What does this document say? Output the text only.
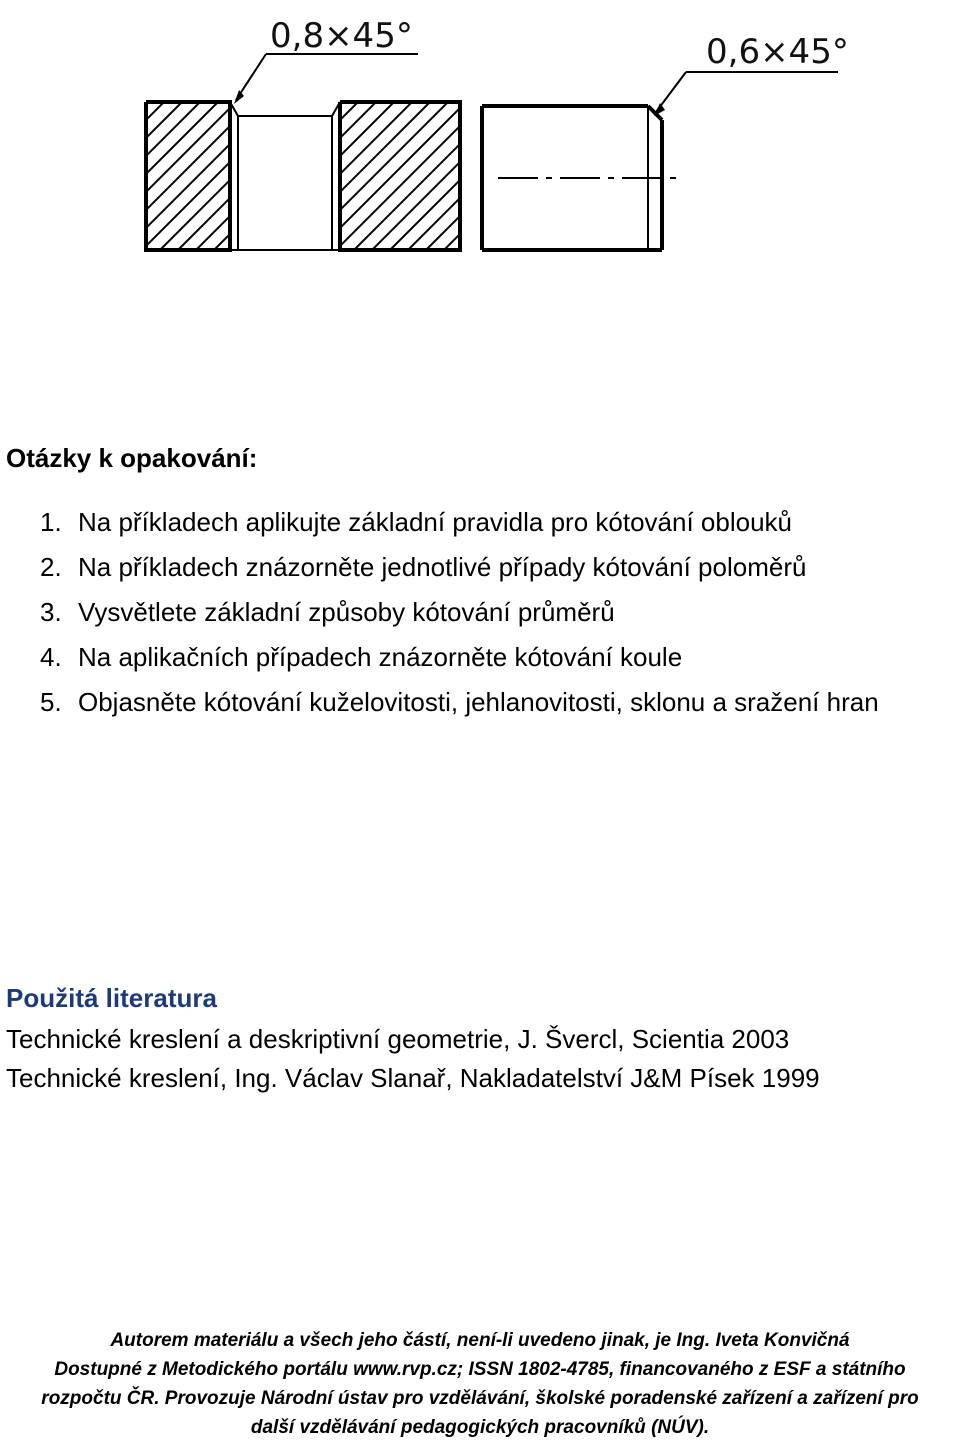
0,8×45°	0,6×45°
Otázky k opakování:
1. Na příkladech aplikujte základní pravidla pro kótování oblouků
2. Na příkladech znázorněte jednotlivé případy kótování poloměrů
3. Vysvětlete základní způsoby kótování průměrů
4. Na aplikačních případech znázorněte kótování koule
5. Objasněte kótování kuželovitosti, jehlanovitosti, sklonu a sražení hran
Použitá literatura
Technické kreslení a deskriptivní geometrie, J. Švercl, Scientia 2003
Technické kreslení, Ing. Václav Slanař, Nakladatelství J&M Písek 1999
Autorem materiálu a všech jeho částí, není-li uvedeno jinak, je Ing. Iveta Konvičná
Dostupné z Metodického portálu www.rvp.cz; ISSN 1802-4785, financovaného z ESF a státního
rozpočtu ČR. Provozuje Národní ústav pro vzdělávání, školské poradenské zařízení a zařízení pro
další vzdělávání pedagogických pracovníků (NÚV).
